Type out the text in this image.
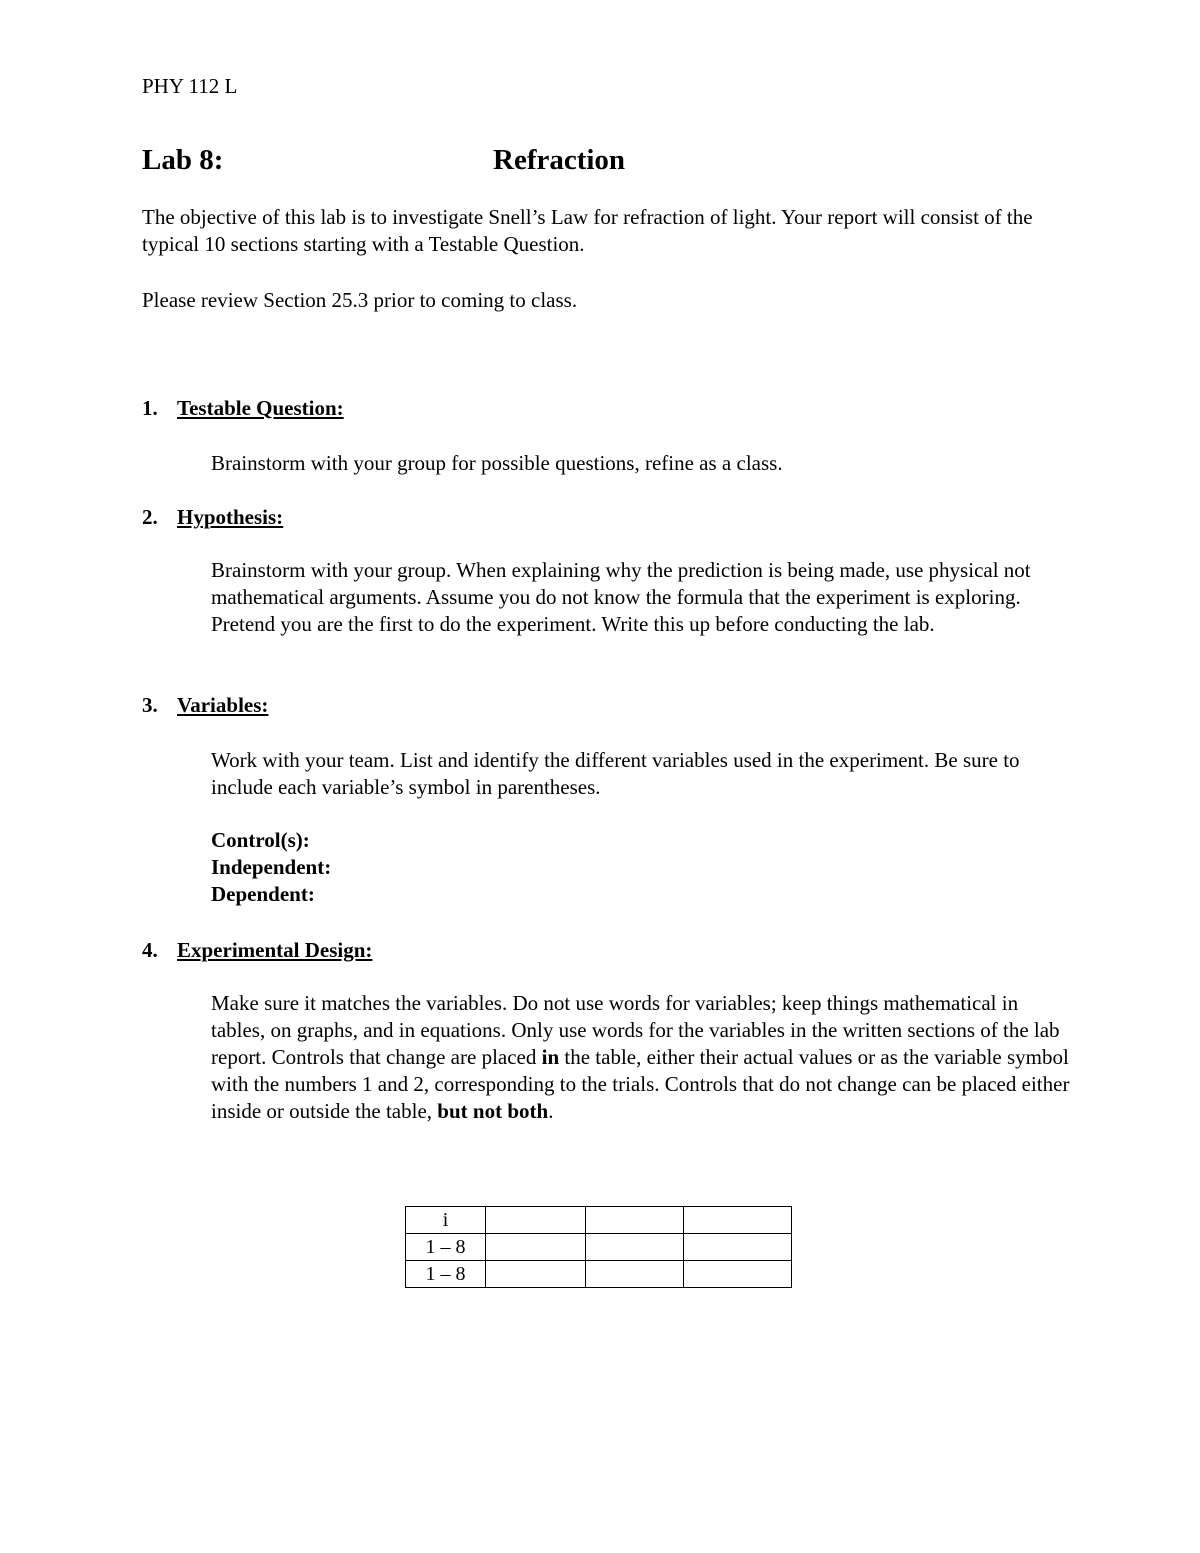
PHY 112 L
Lab 8:	Refraction
The objective of this lab is to investigate Snell’s Law for refraction of light. Your report will consist of the typical 10 sections starting with a Testable Question.
Please review Section 25.3 prior to coming to class.
1. Testable Question:
Brainstorm with your group for possible questions, refine as a class.
2. Hypothesis:
Brainstorm with your group. When explaining why the prediction is being made, use physical not mathematical arguments. Assume you do not know the formula that the experiment is exploring. Pretend you are the first to do the experiment. Write this up before conducting the lab.
3. Variables:
Work with your team. List and identify the different variables used in the experiment. Be sure to include each variable’s symbol in parentheses.
Control(s):
Independent:
Dependent:
4. Experimental Design:
Make sure it matches the variables. Do not use words for variables; keep things mathematical in tables, on graphs, and in equations. Only use words for the variables in the written sections of the lab report. Controls that change are placed in the table, either their actual values or as the variable symbol with the numbers 1 and 2, corresponding to the trials. Controls that do not change can be placed either inside or outside the table, but not both.
i			
1 – 8			
1 – 8			
